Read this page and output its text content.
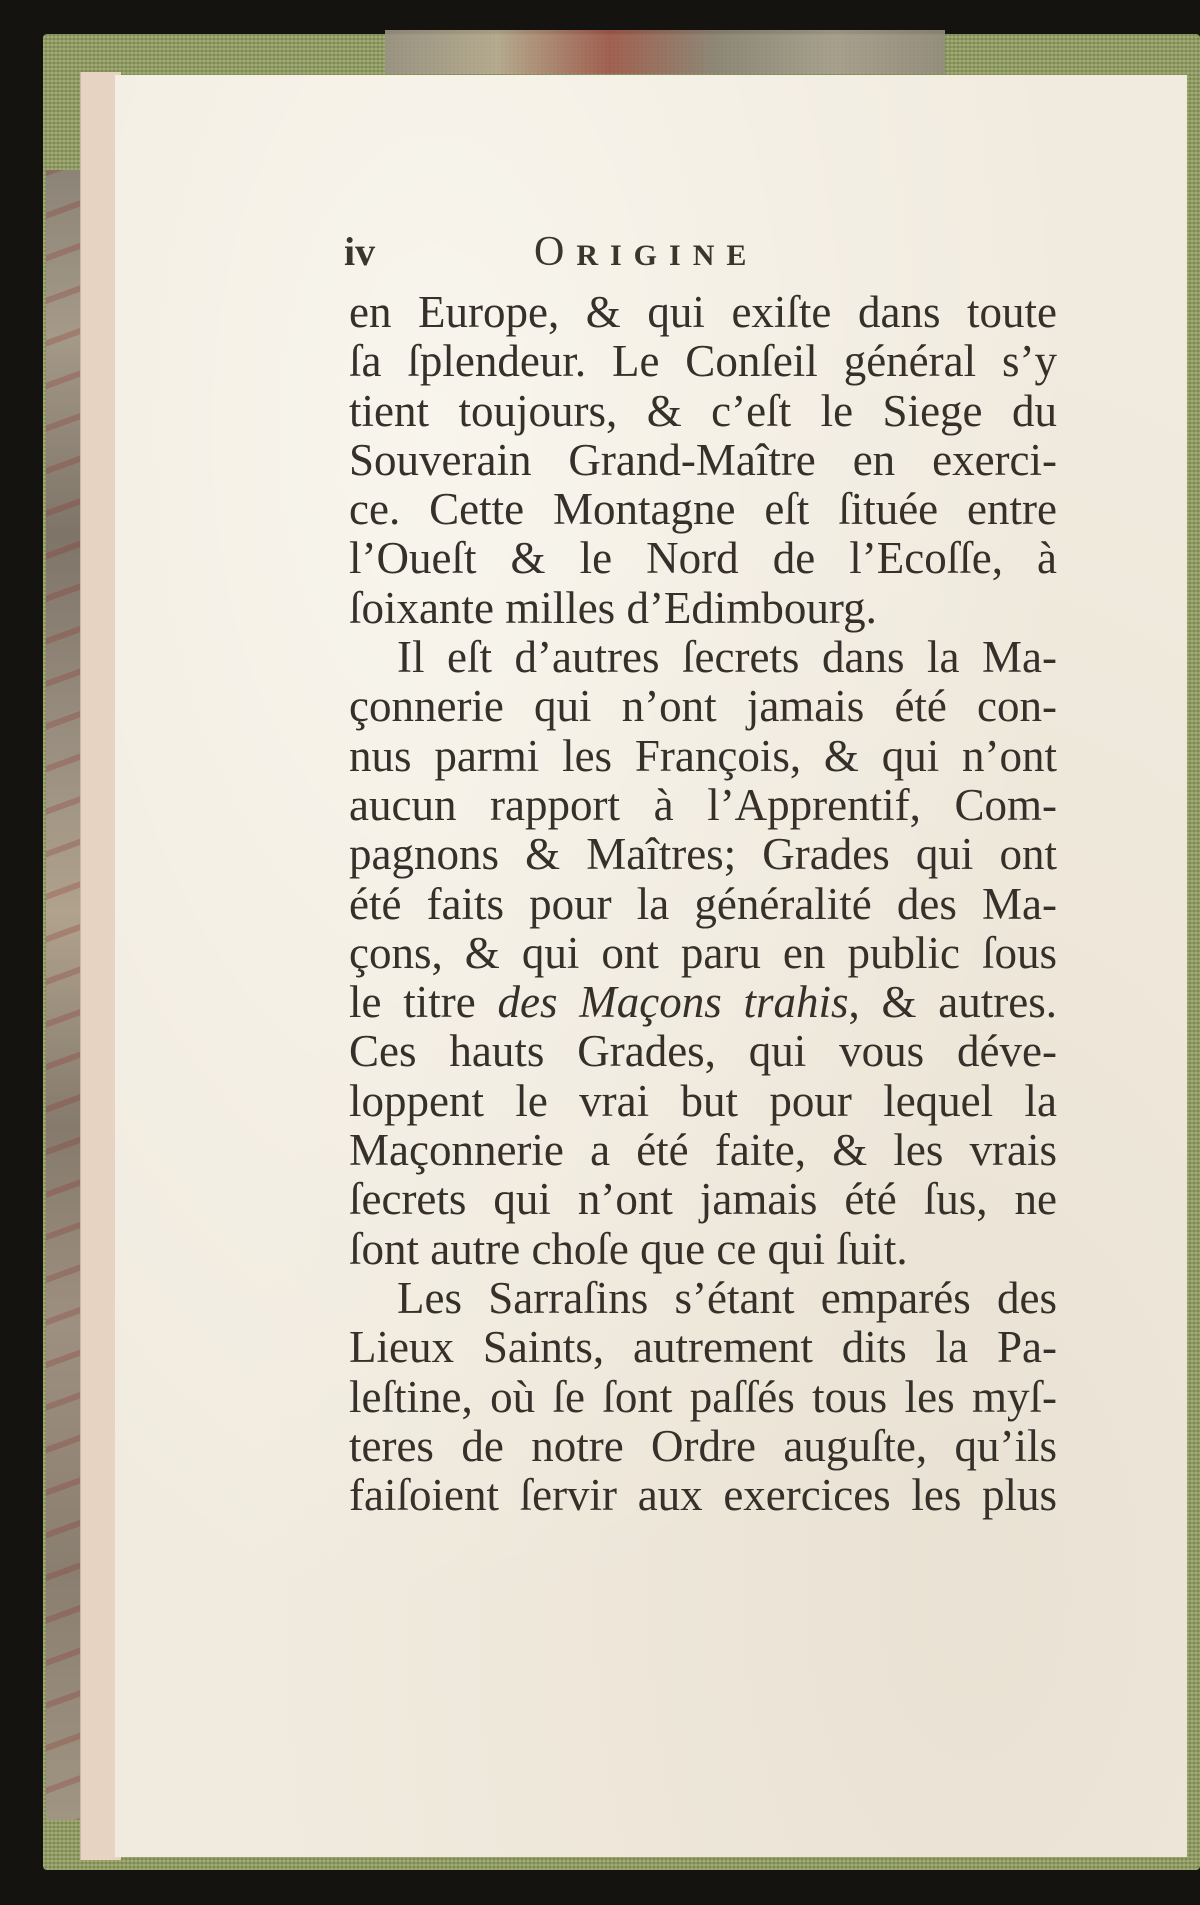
iv	ORIGINE
en Europe, & qui exiſte dans toute
ſa ſplendeur. Le Conſeil général s’y
tient toujours, & c’eſt le Siege du
Souverain Grand-Maître en exerci-
ce. Cette Montagne eſt ſituée entre
l’Oueſt & le Nord de l’Ecoſſe, à
ſoixante milles d’Edimbourg.
Il eſt d’autres ſecrets dans la Ma-
çonnerie qui n’ont jamais été con-
nus parmi les François, & qui n’ont
aucun rapport à l’Apprentif, Com-
pagnons & Maîtres; Grades qui ont
été faits pour la généralité des Ma-
çons, & qui ont paru en public ſous
le titre des Maçons trahis, & autres.
Ces hauts Grades, qui vous déve-
loppent le vrai but pour lequel la
Maçonnerie a été faite, & les vrais
ſecrets qui n’ont jamais été ſus, ne
ſont autre choſe que ce qui ſuit.
Les Sarraſins s’étant emparés des
Lieux Saints, autrement dits la Pa-
leſtine, où ſe ſont paſſés tous les myſ-
teres de notre Ordre auguſte, qu’ils
faiſoient ſervir aux exercices les plus
